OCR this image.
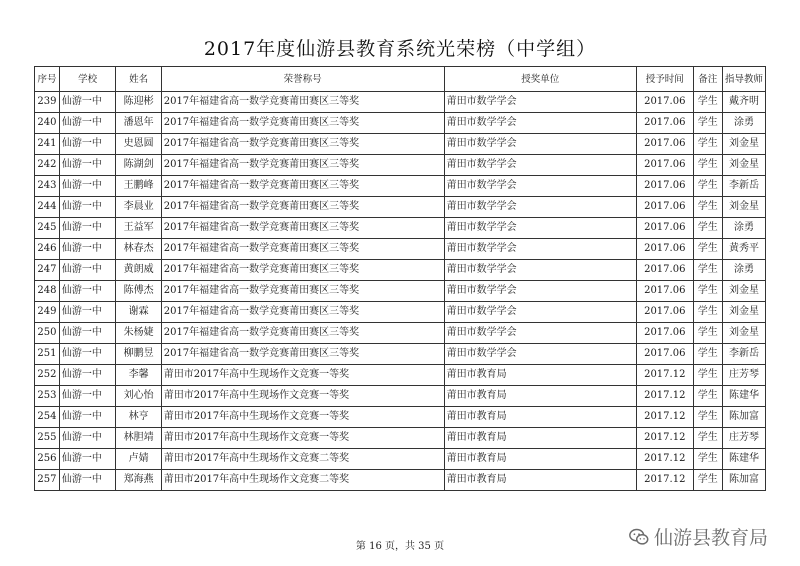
2017年度仙游县教育系统光荣榜（中学组）
序号	学校	姓名	荣誉称号	授奖单位	授予时间	备注	指导教师
239	仙游一中	陈迎彬	2017年福建省高一数学竞赛莆田赛区三等奖	莆田市数学学会	2017.06	学生	戴齐明
240	仙游一中	潘恩年	2017年福建省高一数学竞赛莆田赛区三等奖	莆田市数学学会	2017.06	学生	涂勇
241	仙游一中	史恩圆	2017年福建省高一数学竞赛莆田赛区三等奖	莆田市数学学会	2017.06	学生	刘金星
242	仙游一中	陈湖剑	2017年福建省高一数学竞赛莆田赛区三等奖	莆田市数学学会	2017.06	学生	刘金星
243	仙游一中	王鹏峰	2017年福建省高一数学竞赛莆田赛区三等奖	莆田市数学学会	2017.06	学生	李新岳
244	仙游一中	李晨业	2017年福建省高一数学竞赛莆田赛区三等奖	莆田市数学学会	2017.06	学生	刘金星
245	仙游一中	王益军	2017年福建省高一数学竞赛莆田赛区三等奖	莆田市数学学会	2017.06	学生	涂勇
246	仙游一中	林春杰	2017年福建省高一数学竞赛莆田赛区三等奖	莆田市数学学会	2017.06	学生	黄秀平
247	仙游一中	黄朗威	2017年福建省高一数学竞赛莆田赛区三等奖	莆田市数学学会	2017.06	学生	涂勇
248	仙游一中	陈傅杰	2017年福建省高一数学竞赛莆田赛区三等奖	莆田市数学学会	2017.06	学生	刘金星
249	仙游一中	谢霖	2017年福建省高一数学竞赛莆田赛区三等奖	莆田市数学学会	2017.06	学生	刘金星
250	仙游一中	朱杨婕	2017年福建省高一数学竞赛莆田赛区三等奖	莆田市数学学会	2017.06	学生	刘金星
251	仙游一中	柳鹏昱	2017年福建省高一数学竞赛莆田赛区三等奖	莆田市数学学会	2017.06	学生	李新岳
252	仙游一中	李馨	莆田市2017年高中生现场作文竞赛一等奖	莆田市教育局	2017.12	学生	庄芳琴
253	仙游一中	刘心怡	莆田市2017年高中生现场作文竞赛一等奖	莆田市教育局	2017.12	学生	陈建华
254	仙游一中	林亨	莆田市2017年高中生现场作文竞赛一等奖	莆田市教育局	2017.12	学生	陈加富
255	仙游一中	林胆靖	莆田市2017年高中生现场作文竞赛一等奖	莆田市教育局	2017.12	学生	庄芳琴
256	仙游一中	卢婧	莆田市2017年高中生现场作文竞赛二等奖	莆田市教育局	2017.12	学生	陈建华
257	仙游一中	郑海燕	莆田市2017年高中生现场作文竞赛二等奖	莆田市教育局	2017.12	学生	陈加富
第 16 页，共 35 页	仙游县教育局
